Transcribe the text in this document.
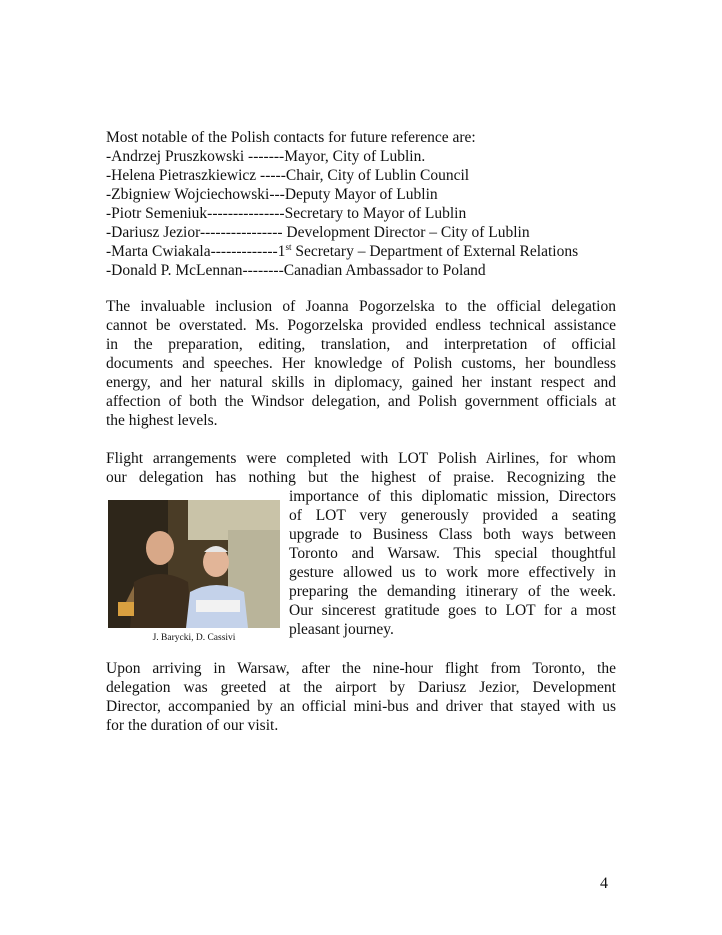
Most notable of the Polish contacts for future reference are:
-Andrzej Pruszkowski -------Mayor, City of Lublin.
-Helena Pietraszkiewicz -----Chair, City of Lublin Council
-Zbigniew Wojciechowski---Deputy Mayor of Lublin
-Piotr Semeniuk---------------Secretary to Mayor of Lublin
-Dariusz Jezior---------------- Development Director – City of Lublin
-Marta Cwiakala-------------1st Secretary – Department of External Relations
-Donald P. McLennan--------Canadian Ambassador to Poland
The invaluable inclusion of Joanna Pogorzelska to the official delegation
cannot be overstated. Ms. Pogorzelska provided endless technical assistance
in the preparation, editing, translation, and interpretation of official
documents and speeches. Her knowledge of Polish customs, her boundless
energy, and her natural skills in diplomacy, gained her instant respect and
affection of both the Windsor delegation, and Polish government officials at
the highest levels.
Flight arrangements were completed with LOT Polish Airlines, for whom
our delegation has nothing but the highest of praise. Recognizing the
importance of this diplomatic mission, Directors
of LOT very generously provided a seating
upgrade to Business Class both ways between
Toronto and Warsaw. This special thoughtful
gesture allowed us to work more effectively in
preparing the demanding itinerary of the week.
Our sincerest gratitude goes to LOT for a most
pleasant journey.
J. Barycki, D. Cassivi
Upon arriving in Warsaw, after the nine-hour flight from Toronto, the
delegation was greeted at the airport by Dariusz Jezior, Development
Director, accompanied by an official mini-bus and driver that stayed with us
for the duration of our visit.
4
